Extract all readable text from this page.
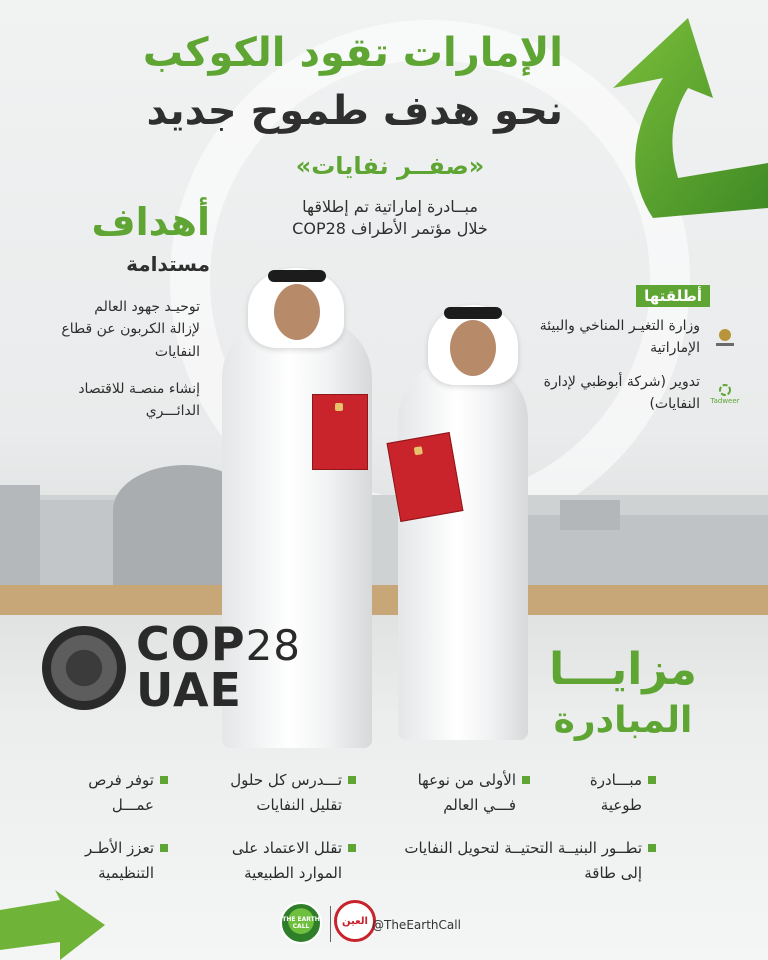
الإمارات تقود الكوكب
نحو هدف طموح جديد
«صفــر نفايات»
مبــادرة إماراتية تم إطلاقها
خلال مؤتمر الأطراف COP28
أهداف
مستدامة
توحيـد جهود العالم لإزالة الكربون عن قطاع النفايات
إنشاء منصـة للاقتصاد الدائـــري
أطلقتها
وزارة التغيـر المناخي والبيئة الإماراتية
Tadweer
تدوير (شركة أبوظبي لإدارة النفايات)
COP28
UAE	مزايـــا
المبادرة
مبـــادرة طوعية
الأولى من نوعها فـــي العالم
تـــدرس كل حلول تقليل النفايات
توفر فرص عمـــل
تطــور البنيــة التحتيــة لتحويل النفايات إلى طاقة
تقلل الاعتماد على الموارد الطبيعية
تعزز الأطـر التنظيمية
THE EARTH CALL	العين @TheEarthCall
